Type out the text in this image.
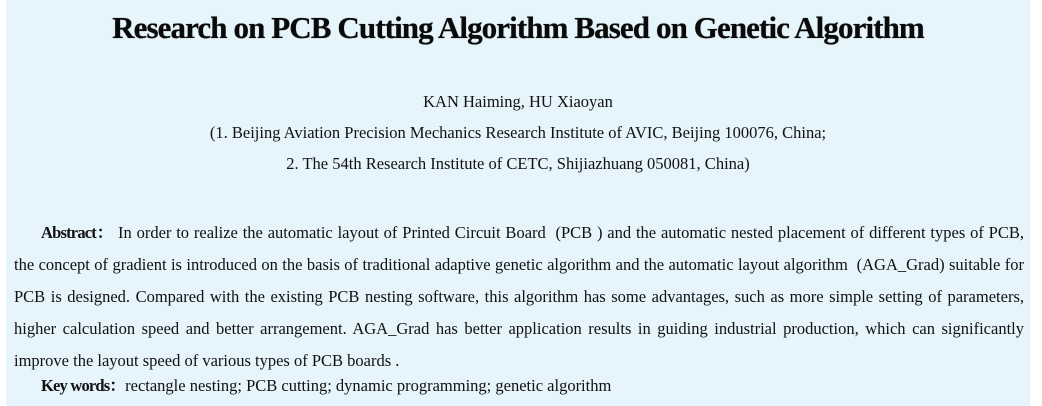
Research on PCB Cutting Algorithm Based on Genetic Algorithm
KAN Haiming, HU Xiaoyan
(1. Beijing Aviation Precision Mechanics Research Institute of AVIC, Beijing 100076, China;
2. The 54th Research Institute of CETC, Shijiazhuang 050081, China)

Abstract： In order to realize the automatic layout of Printed Circuit Board  (PCB ) and the automatic nested placement of different types of PCB, the concept of gradient is introduced on the basis of traditional adaptive genetic algorithm and the automatic layout algorithm  (AGA_Grad) suitable for PCB is designed. Compared with the existing PCB nesting software, this algorithm has some advantages, such as more simple setting of parameters, higher calculation speed and better arrangement. AGA_Grad has better application results in guiding industrial production, which can significantly improve the layout speed of various types of PCB boards .

Key words：rectangle nesting; PCB cutting; dynamic programming; genetic algorithm
